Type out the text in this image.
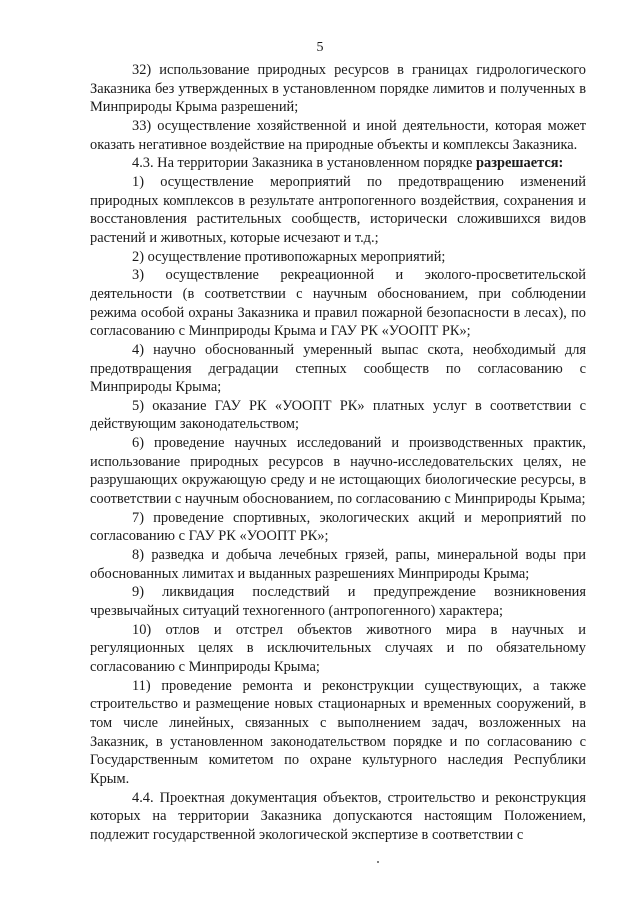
5

32) использование природных ресурсов в границах гидрологического Заказника без утвержденных в установленном порядке лимитов и полученных в Минприроды Крыма разрешений;

33) осуществление хозяйственной и иной деятельности, которая может оказать негативное воздействие на природные объекты и комплексы Заказника.

4.3. На территории Заказника в установленном порядке разрешается:

1) осуществление мероприятий по предотвращению изменений природных комплексов в результате антропогенного воздействия, сохранения и восстановления растительных сообществ, исторически сложившихся видов растений и животных, которые исчезают и т.д.;

2) осуществление противопожарных мероприятий;

3) осуществление рекреационной и эколого-просветительской деятельности (в соответствии с научным обоснованием, при соблюдении режима особой охраны Заказника и правил пожарной безопасности в лесах), по согласованию с Минприроды Крыма и ГАУ РК «УООПТ РК»;

4) научно обоснованный умеренный выпас скота, необходимый для предотвращения деградации степных сообществ по согласованию с Минприроды Крыма;

5) оказание ГАУ РК «УООПТ РК» платных услуг в соответствии с действующим законодательством;

6) проведение научных исследований и производственных практик, использование природных ресурсов в научно-исследовательских целях, не разрушающих окружающую среду и не истощающих биологические ресурсы, в соответствии с научным обоснованием, по согласованию с Минприроды Крыма;

7) проведение спортивных, экологических акций и мероприятий по согласованию с ГАУ РК «УООПТ РК»;

8) разведка и добыча лечебных грязей, рапы, минеральной воды при обоснованных лимитах и выданных разрешениях Минприроды Крыма;

9) ликвидация последствий и предупреждение возникновения чрезвычайных ситуаций техногенного (антропогенного) характера;

10) отлов и отстрел объектов животного мира в научных и регуляционных целях в исключительных случаях и по обязательному согласованию с Минприроды Крыма;

11) проведение ремонта и реконструкции существующих, а также строительство и размещение новых стационарных и временных сооружений, в том числе линейных, связанных с выполнением задач, возложенных на Заказник, в установленном законодательством порядке и по согласованию с Государственным комитетом по охране культурного наследия Республики Крым.

4.4. Проектная документация объектов, строительство и реконструкция которых на территории Заказника допускаются настоящим Положением, подлежит государственной экологической экспертизе в соответствии с
